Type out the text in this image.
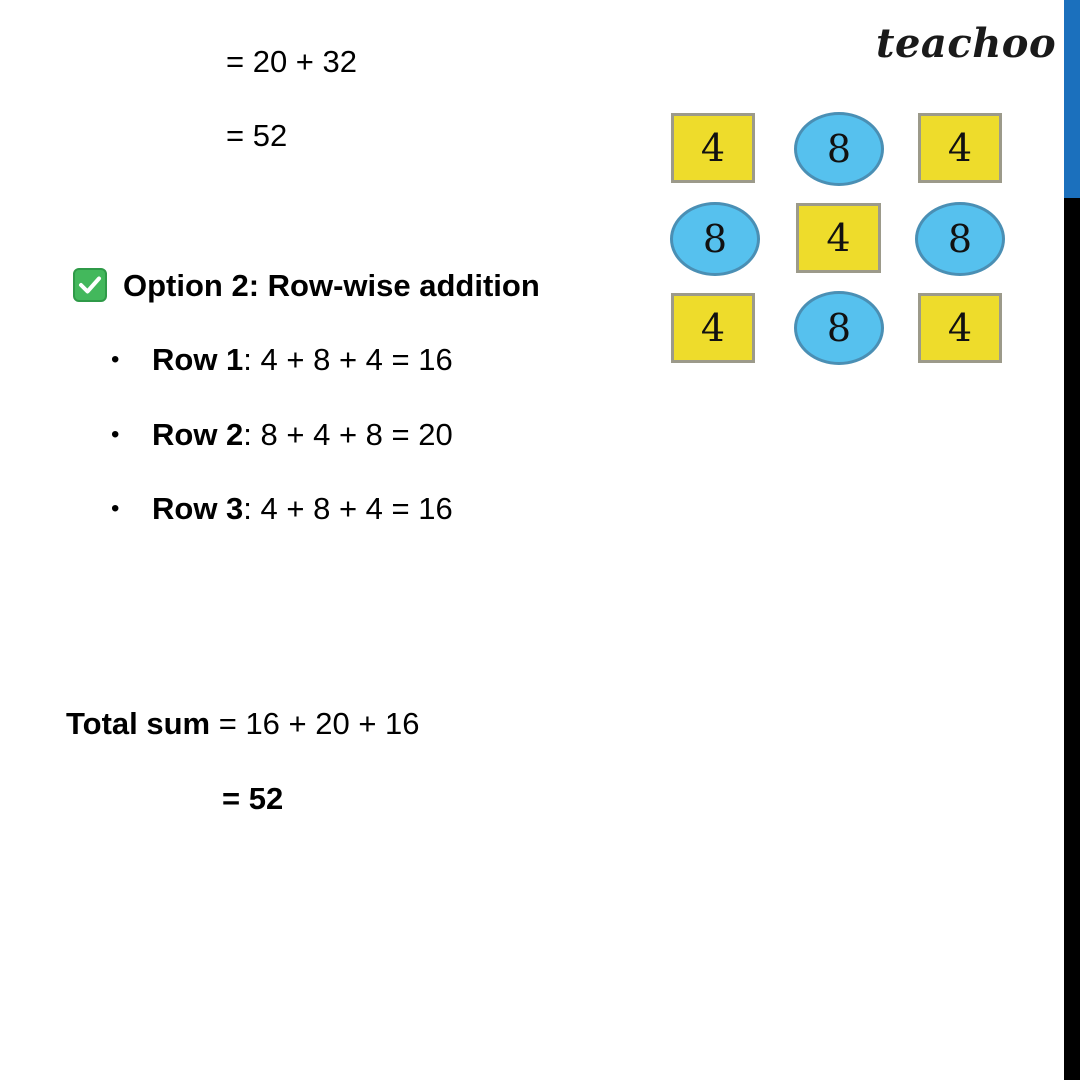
teachoo
= 20 + 32
= 52
Option 2: Row-wise addition
• Row 1: 4 + 8 + 4 = 16
• Row 2: 8 + 4 + 8 = 20
• Row 3: 4 + 8 + 4 = 16
Total sum = 16 + 20 + 16
= 52
4	8	4
8	4	8
4	8	4
